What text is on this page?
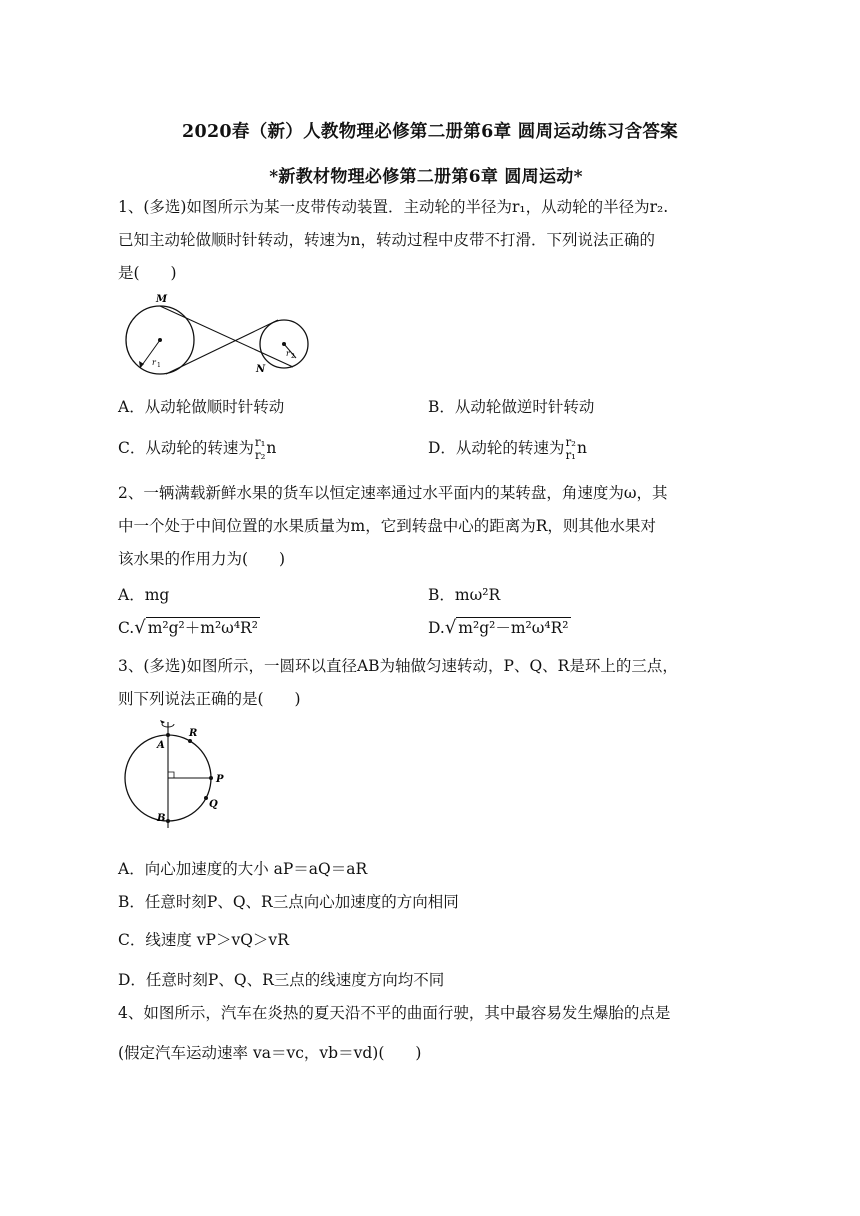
2020春（新）人教物理必修第二册第6章 圆周运动练习含答案
*新教材物理必修第二册第6章 圆周运动*
1、(多选)如图所示为某一皮带传动装置．主动轮的半径为r₁，从动轮的半径为r₂.
已知主动轮做顺时针转动，转速为n，转动过程中皮带不打滑．下列说法正确的
是(　　)
M
N
r 1
r 2
A．从动轮做顺时针转动	B．从动轮做逆时针转动
C．从动轮的转速为 r₁
r₂ n	D．从动轮的转速为 r₂
r₁ n
2、一辆满载新鲜水果的货车以恒定速率通过水平面内的某转盘，角速度为ω，其
中一个处于中间位置的水果质量为m，它到转盘中心的距离为R，则其他水果对
该水果的作用力为(　　)
A．mg	B．mω²R
C. √ m²g²＋m²ω⁴R²	D. √ m²g²－m²ω⁴R²
3、(多选)如图所示，一圆环以直径AB为轴做匀速转动，P、Q、R是环上的三点，
则下列说法正确的是(　　)
A
B
R
P
Q
A．向心加速度的大小 aP＝aQ＝aR
B．任意时刻P、Q、R三点向心加速度的方向相同
C．线速度 vP＞vQ＞vR
D．任意时刻P、Q、R三点的线速度方向均不同
4、如图所示，汽车在炎热的夏天沿不平的曲面行驶，其中最容易发生爆胎的点是
(假定汽车运动速率 va＝vc，vb＝vd)(　　)
